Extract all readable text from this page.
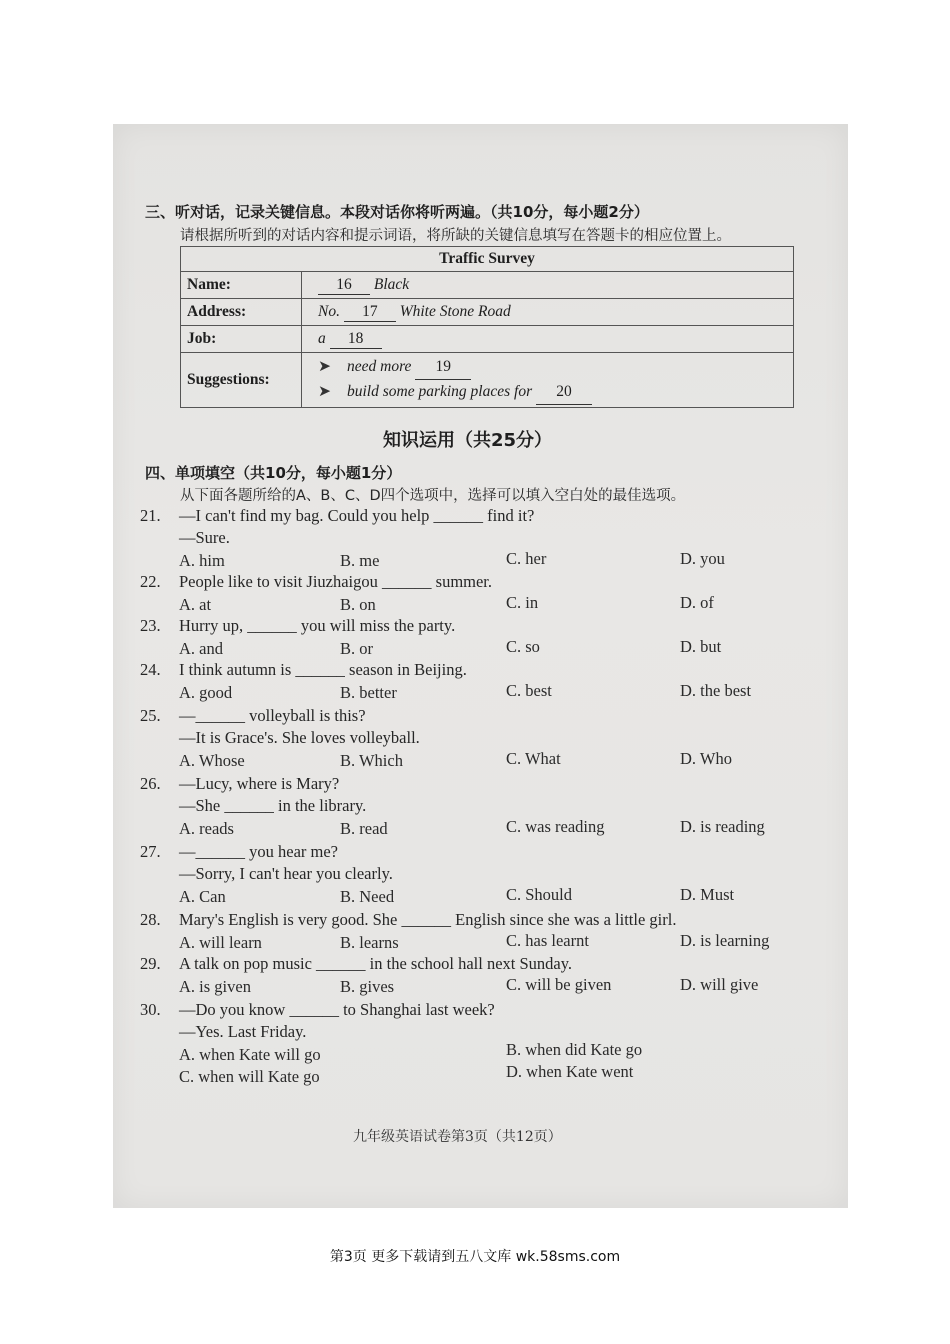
三、听对话，记录关键信息。本段对话你将听两遍。（共10分，每小题2分）
请根据所听到的对话内容和提示词语，将所缺的关键信息填写在答题卡的相应位置上。
Traffic Survey	
Name:	16 Black
Address:	No. 17 White Stone Road
Job:	a 18
Suggestions:	➤ need more 19
➤ build some parking places for 20
知识运用（共25分）
四、单项填空（共10分，每小题1分）
从下面各题所给的A、B、C、D四个选项中，选择可以填入空白处的最佳选项。
21. —I can't find my bag. Could you help ______ find it?
—Sure.
A. him	B. me	C. her	D. you
22. People like to visit Jiuzhaigou ______ summer.
A. at	B. on	C. in	D. of
23. Hurry up, ______ you will miss the party.
A. and	B. or	C. so	D. but
24. I think autumn is ______ season in Beijing.
A. good	B. better	C. best	D. the best
25. —______ volleyball is this?
—It is Grace's. She loves volleyball.
A. Whose	B. Which	C. What	D. Who
26. —Lucy, where is Mary?
—She ______ in the library.
A. reads	B. read	C. was reading	D. is reading
27. —______ you hear me?
—Sorry, I can't hear you clearly.
A. Can	B. Need	C. Should	D. Must
28. Mary's English is very good. She ______ English since she was a little girl.
A. will learn	B. learns	C. has learnt	D. is learning
29. A talk on pop music ______ in the school hall next Sunday.
A. is given	B. gives	C. will be given	D. will give
30. —Do you know ______ to Shanghai last week?
—Yes. Last Friday.
A. when Kate will go	B. when did Kate go
C. when will Kate go	D. when Kate went
九年级英语试卷第3页（共12页）
第3页 更多下载请到五八文库 wk.58sms.com
